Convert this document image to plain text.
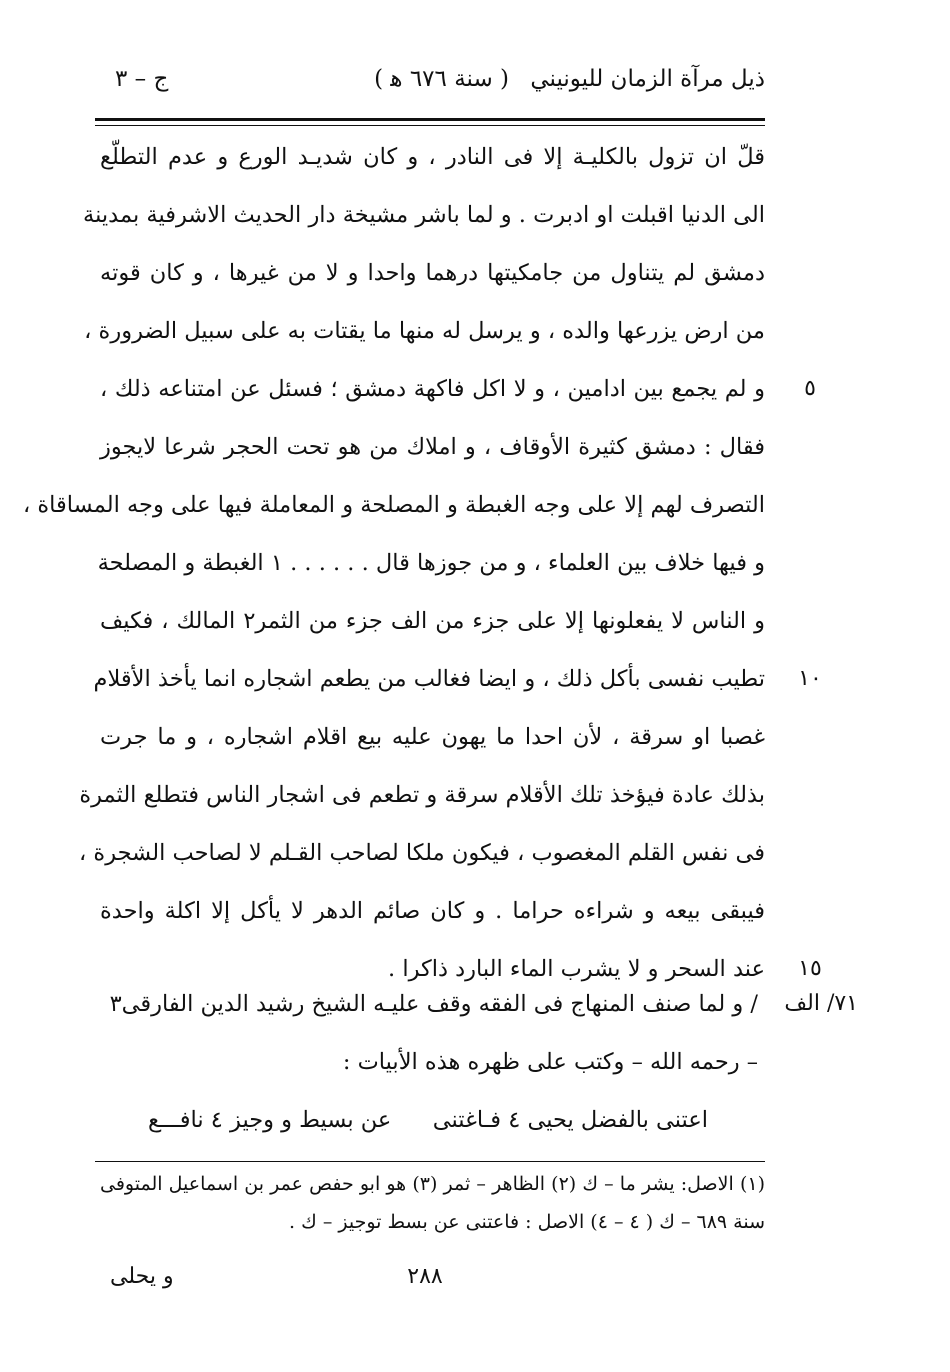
ذيل مرآة الزمان لليونيني ( سنة ٦٧٦ ﻫ )
ج – ٣
قلّ ان تزول بالكليـة إلا فى النادر ، و كان شديـد الورع و عدم التطلّع
الى الدنيا اقبلت او ادبرت . و لما باشر مشيخة دار الحديث الاشرفية بمدينة
دمشق لم يتناول من جامكيتها درهما واحدا و لا من غيرها ، و كان قوته
من ارض يزرعها والده ، و يرسل له منها ما يقتات به على سبيل الضرورة ،
و لم يجمع بين ادامين ، و لا اكل فاكهة دمشق ؛ فسئل عن امتناعه ذلك ،
فقال : دمشق كثيرة الأوقاف ، و املاك من هو تحت الحجر شرعا لايجوز
التصرف لهم إلا على وجه الغبطة و المصلحة و المعاملة فيها على وجه المساقاة ،
و فيها خلاف بين العلماء ، و من جوزها قال . . . . . . ١ الغبطة و المصلحة
و الناس لا يفعلونها إلا على جزء من الف جزء من الثمر٢ المالك ، فكيف
تطيب نفسى بأكل ذلك ، و ايضا فغالب من يطعم اشجاره انما يأخذ الأقلام
غصبا او سرقة ، لأن احدا ما يهون عليه بيع اقلام اشجاره ، و ما جرت
بذلك عادة فيؤخذ تلك الأقلام سرقة و تطعم فى اشجار الناس فتطلع الثمرة
فى نفس القلم المغصوب ، فيكون ملكا لصاحب القـلم لا لصاحب الشجرة ،
فيبقى بيعه و شراءه حراما . و كان صائم الدهر لا يأكل إلا اكلة واحدة
عند السحر و لا يشرب الماء البارد ذاكرا .
٥
١٠
١٥
٧١/ الف
/ و لما صنف المنهاج فى الفقه وقف عليـه الشيخ رشيد الدين الفارقى٣
– رحمه الله – وكتب على ظهره هذه الأبيات :
اعتنى بالفضل يحيى ٤ فـاغتنى
عن بسيط و وجيز ٤ نافـــع
(١) الاصل: يشر ما – ك (٢) الظاهر – ثمر (٣) هو ابو حفص عمر بن اسماعيل المتوفى
سنة ٦٨٩ – ك ( ٤ – ٤) الاصل : فاعتنى عن بسط توجيز – ك .
٢٨٨
و يحلى
